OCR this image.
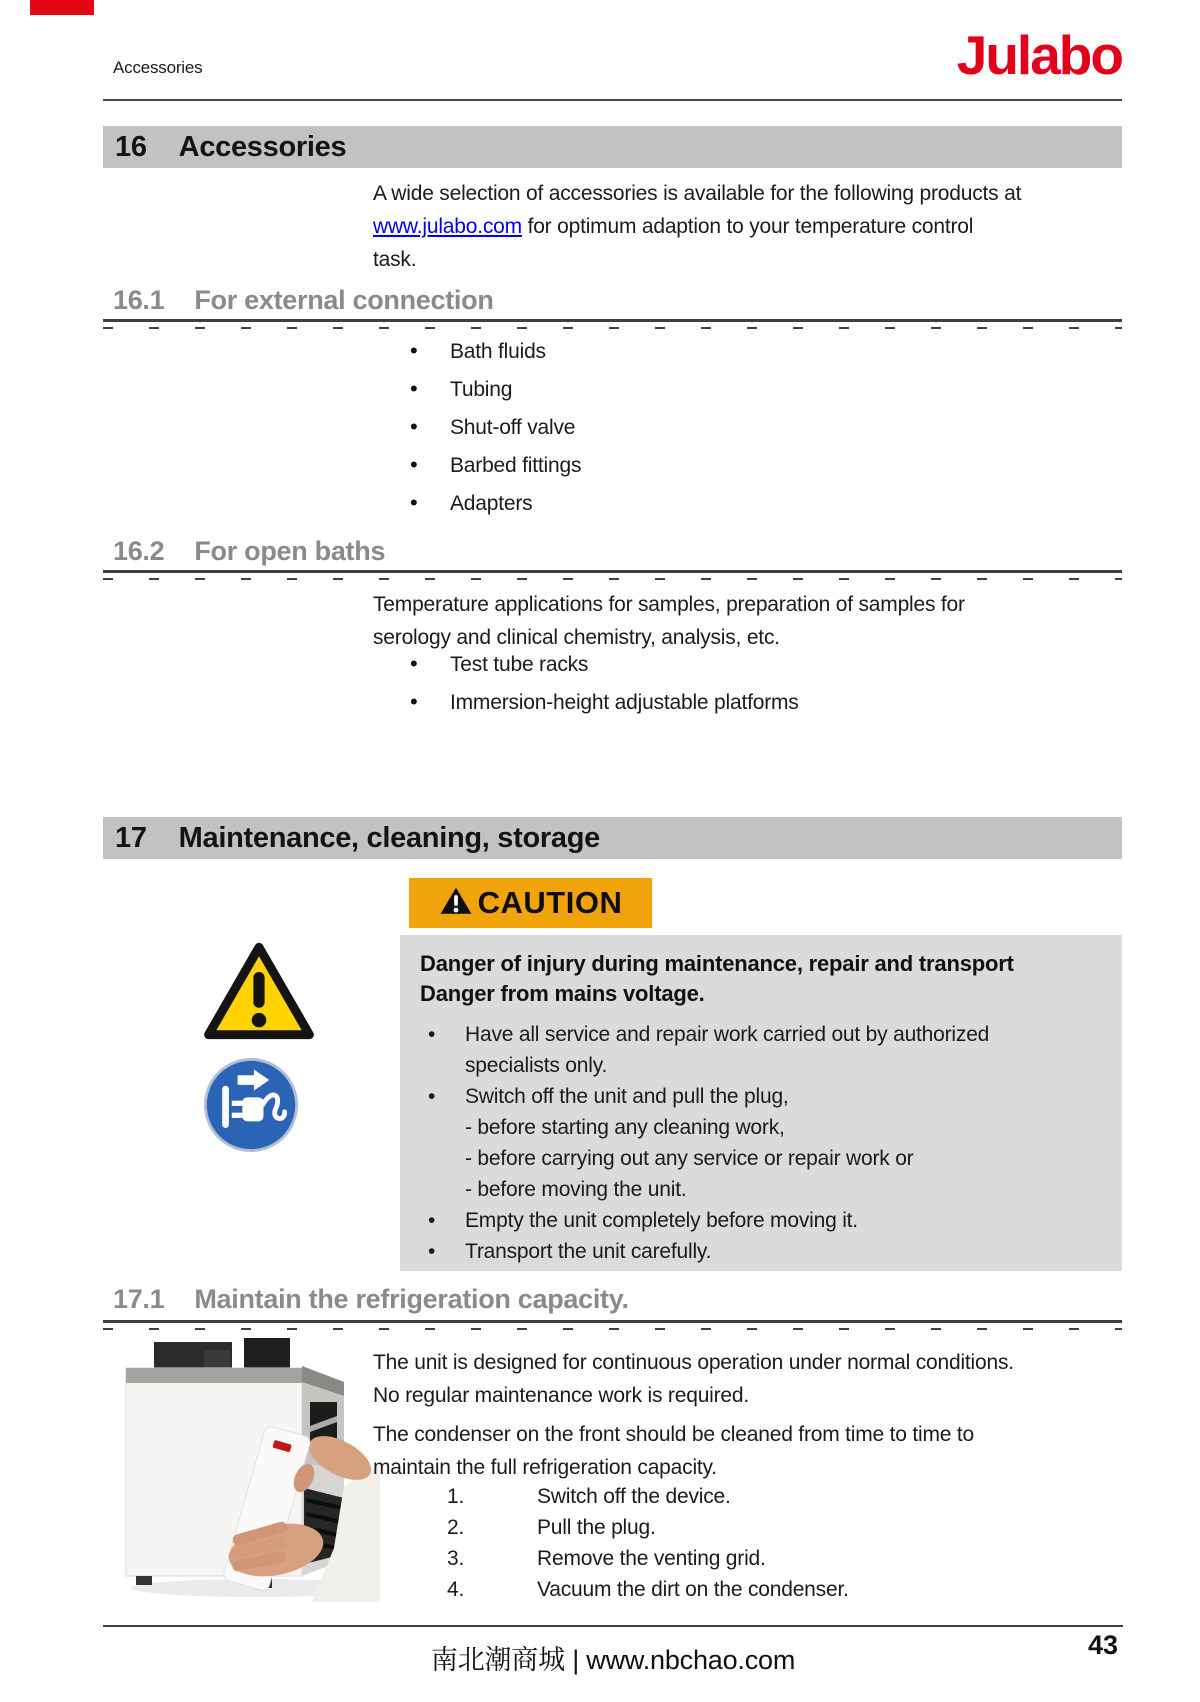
Accessories	Julabo
16 Accessories
A wide selection of accessories is available for the following products at
www.julabo.com for optimum adaption to your temperature control
task.
16.1 For external connection
• Bath fluids
• Tubing
• Shut-off valve
• Barbed fittings
• Adapters
16.2 For open baths
Temperature applications for samples, preparation of samples for
serology and clinical chemistry, analysis, etc.
• Test tube racks
• Immersion-height adjustable platforms
17 Maintenance, cleaning, storage
CAUTION
Danger of injury during maintenance, repair and transport
Danger from mains voltage.
•
Have all service and repair work carried out by authorized
specialists only.
•
Switch off the unit and pull the plug,
- before starting any cleaning work,
- before carrying out any service or repair work or
- before moving the unit.
•
Empty the unit completely before moving it.
•
Transport the unit carefully.
17.1 Maintain the refrigeration capacity.
The unit is designed for continuous operation under normal conditions.
No regular maintenance work is required.
The condenser on the front should be cleaned from time to time to
maintain the full refrigeration capacity.
1.	Switch off the device.
2.	Pull the plug.
3.	Remove the venting grid.
4.	Vacuum the dirt on the condenser.
南北潮商城 | www.nbchao.com	43
